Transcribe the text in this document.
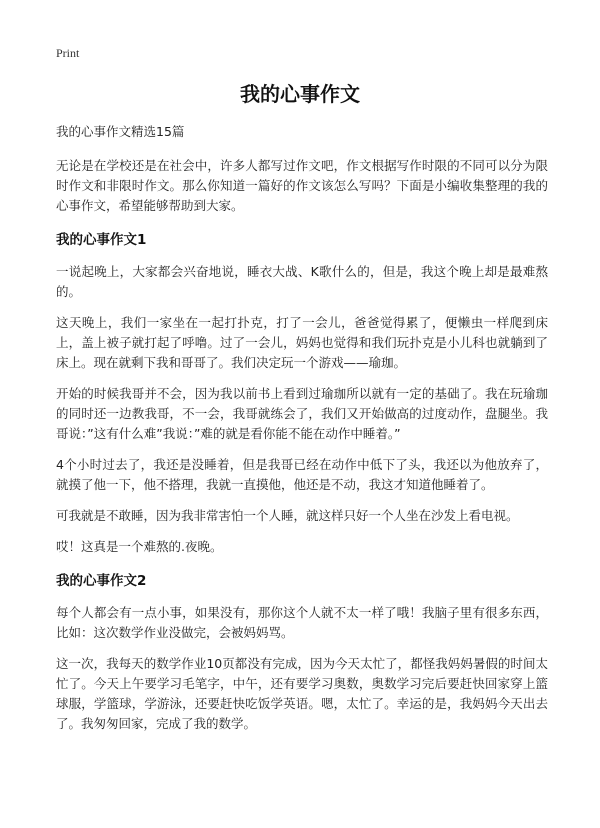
Print
我的心事作文

我的心事作文精选15篇

无论是在学校还是在社会中，许多人都写过作文吧，作文根据写作时限的不同可以分为限时作文和非限时作文。那么你知道一篇好的作文该怎么写吗？下面是小编收集整理的我的心事作文，希望能够帮助到大家。

我的心事作文1

一说起晚上，大家都会兴奋地说，睡衣大战、K歌什么的，但是，我这个晚上却是最难熬的。

这天晚上，我们一家坐在一起打扑克，打了一会儿，爸爸觉得累了，便懒虫一样爬到床上，盖上被子就打起了呼噜。过了一会儿，妈妈也觉得和我们玩扑克是小儿科也就躺到了床上。现在就剩下我和哥哥了。我们决定玩一个游戏——瑜珈。

开始的时候我哥并不会，因为我以前书上看到过瑜珈所以就有一定的基础了。我在玩瑜珈的同时还一边教我哥，不一会，我哥就练会了，我们又开始做高的过度动作，盘腿坐。我哥说：”这有什么难”我说：”难的就是看你能不能在动作中睡着。”

4个小时过去了，我还是没睡着，但是我哥已经在动作中低下了头，我还以为他放弃了，就摸了他一下，他不搭理，我就一直摸他，他还是不动，我这才知道他睡着了。

可我就是不敢睡，因为我非常害怕一个人睡，就这样只好一个人坐在沙发上看电视。

哎！这真是一个难熬的.夜晚。

我的心事作文2

每个人都会有一点小事，如果没有，那你这个人就不太一样了哦！我脑子里有很多东西，比如：这次数学作业没做完，会被妈妈骂。

这一次，我每天的数学作业10页都没有完成，因为今天太忙了，都怪我妈妈暑假的时间太忙了。今天上午要学习毛笔字，中午，还有要学习奥数，奥数学习完后要赶快回家穿上篮球服，学篮球，学游泳，还要赶快吃饭学英语。嗯，太忙了。幸运的是，我妈妈今天出去了。我匆匆回家，完成了我的数学。
